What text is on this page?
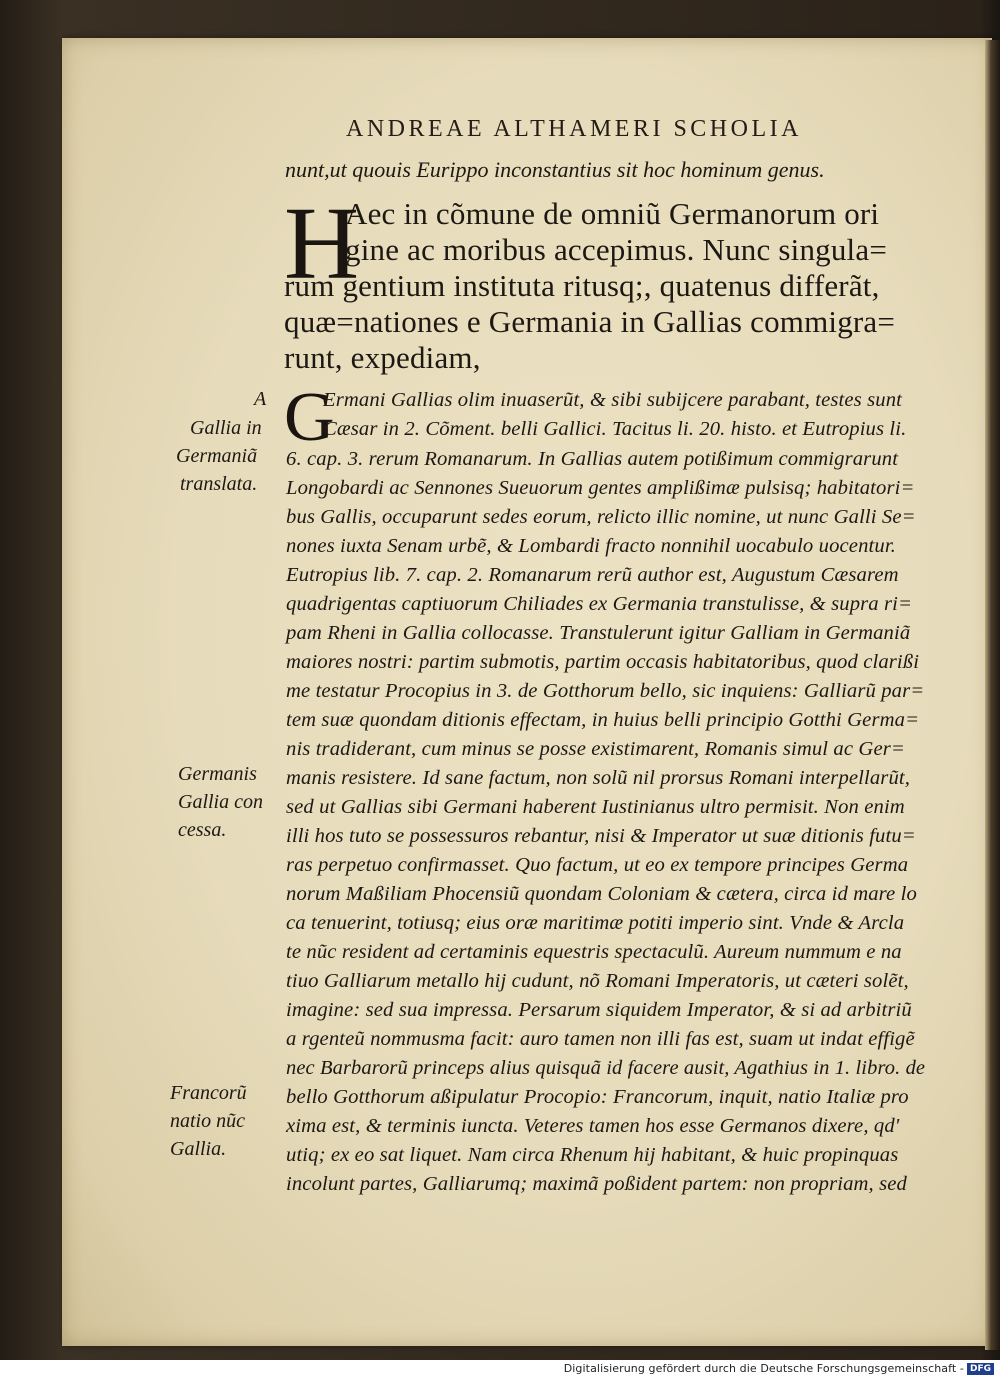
ANDREAE ALTHAMERI SCHOLIA
nunt,ut quouis Eurippo inconstantius sit hoc hominum genus.
H
Aec in cõmune de omniũ Germanorum ori
gine ac moribus accepimus. Nunc singula=
rum gentium instituta ritusq;, quatenus differãt,
quæ=nationes e Germania in Gallias commigra=
runt, expediam,
G
Ermani Gallias olim inuaserũt, & sibi subijcere parabant, testes sunt
Cæsar in 2. Cõment. belli Gallici. Tacitus li. 20. histo. et Eutropius li.
6. cap. 3. rerum Romanarum. In Gallias autem potißimum commigrarunt
Longobardi ac Sennones Sueuorum gentes amplißimæ pulsisq; habitatori=
bus Gallis, occuparunt sedes eorum, relicto illic nomine, ut nunc Galli Se=
nones iuxta Senam urbẽ, & Lombardi fracto nonnihil uocabulo uocentur.
Eutropius lib. 7. cap. 2. Romanarum rerũ author est, Augustum Cæsarem
quadrigentas captiuorum Chiliades ex Germania transtulisse, & supra ri=
pam Rheni in Gallia collocasse. Transtulerunt igitur Galliam in Germaniã
maiores nostri: partim submotis, partim occasis habitatoribus, quod clarißi
me testatur Procopius in 3. de Gotthorum bello, sic inquiens: Galliarũ par=
tem suæ quondam ditionis effectam, in huius belli principio Gotthi Germa=
nis tradiderant, cum minus se posse existimarent, Romanis simul ac Ger=
manis resistere. Id sane factum, non solũ nil prorsus Romani interpellarũt,
sed ut Gallias sibi Germani haberent Iustinianus ultro permisit. Non enim
illi hos tuto se possessuros rebantur, nisi & Imperator ut suæ ditionis futu=
ras perpetuo confirmasset. Quo factum, ut eo ex tempore principes Germa
norum Maßiliam Phocensiũ quondam Coloniam & cætera, circa id mare lo
ca tenuerint, totiusq; eius oræ maritimæ potiti imperio sint. Vnde & Arcla
te nũc resident ad certaminis equestris spectaculũ. Aureum nummum e na
tiuo Galliarum metallo hij cudunt, nõ Romani Imperatoris, ut cæteri solẽt,
imagine: sed sua impressa. Persarum siquidem Imperator, & si ad arbitriũ
a rgenteũ nommusma facit: auro tamen non illi fas est, suam ut indat effigẽ
nec Barbarorũ princeps alius quisquã id facere ausit, Agathius in 1. libro. de
bello Gotthorum aßipulatur Procopio: Francorum, inquit, natio Italiæ pro
xima est, & terminis iuncta. Veteres tamen hos esse Germanos dixere, qd'
utiq; ex eo sat liquet. Nam circa Rhenum hij habitant, & huic propinquas
incolunt partes, Galliarumq; maximã poßident partem: non propriam, sed
A
Gallia in
Germaniã
translata.
Germanis
Gallia con
cessa.
Francorũ
natio nũc
Gallia.
Digitalisierung gefördert durch die Deutsche Forschungsgemeinschaft - DFG
